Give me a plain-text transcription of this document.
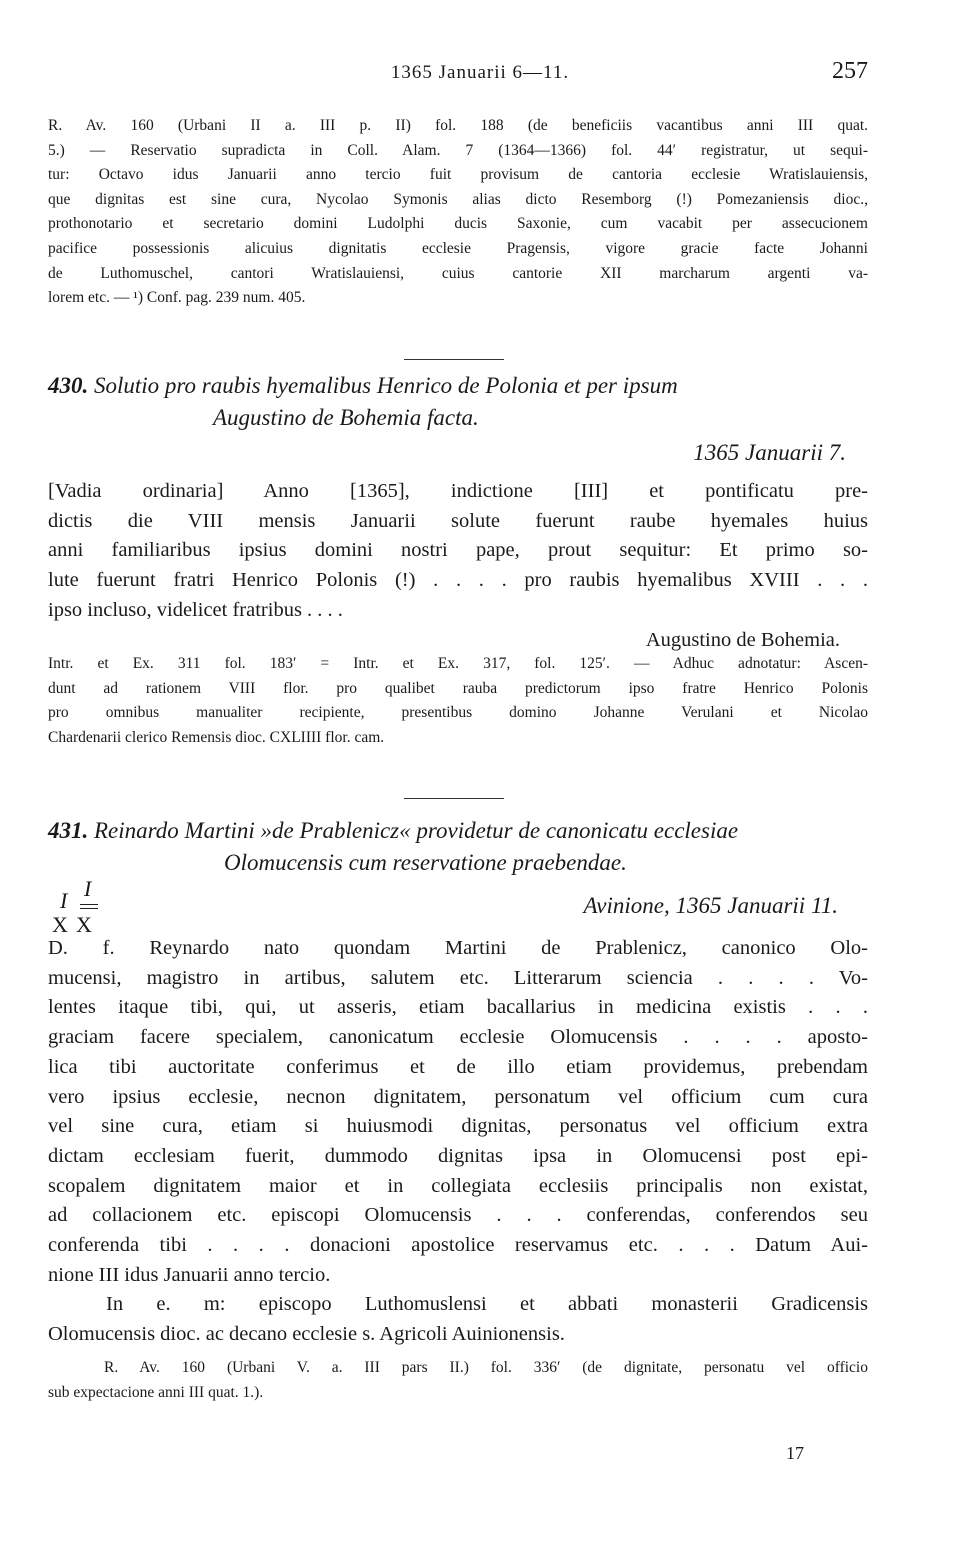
1365 Januarii 6—11.	257
R. Av. 160 (Urbani II a. III p. II) fol. 188 (de beneficiis vacantibus anni III quat.
5.) — Reservatio supradicta in Coll. Alam. 7 (1364—1366) fol. 44′ registratur, ut sequi-
tur: Octavo idus Januarii anno tercio fuit provisum de cantoria ecclesie Wratislauiensis,
que dignitas est sine cura, Nycolao Symonis alias dicto Resemborg (!) Pomezaniensis dioc.,
prothonotario et secretario domini Ludolphi ducis Saxonie, cum vacabit per assecucionem
pacifice possessionis alicuius dignitatis ecclesie Pragensis, vigore gracie facte Johanni
de Luthomuschel, cantori Wratislauiensi, cuius cantorie XII marcharum argenti va-
lorem etc. — ¹) Conf. pag. 239 num. 405.
430. Solutio pro raubis hyemalibus Henrico de Polonia et per ipsum
Augustino de Bohemia facta.
1365 Januarii 7.
[Vadia ordinaria] Anno [1365], indictione [III] et pontificatu pre-
dictis die VIII mensis Januarii solute fuerunt raube hyemales huius
anni familiaribus ipsius domini nostri pape, prout sequitur: Et primo so-
lute fuerunt fratri Henrico Polonis (!) . . . . pro raubis hyemalibus XVIII . . .
ipso incluso, videlicet fratribus . . . .
Augustino de Bohemia.
Intr. et Ex. 311 fol. 183′ = Intr. et Ex. 317, fol. 125′. — Adhuc adnotatur: Ascen-
dunt ad rationem VIII flor. pro qualibet rauba predictorum ipso fratre Henrico Polonis
pro omnibus manualiter recipiente, presentibus domino Johanne Verulani et Nicolao
Chardenarii clerico Remensis dioc. CXLIIII flor. cam.
431. Reinardo Martini »de Prablenicz« providetur de canonicatu ecclesiae
Olomucensis cum reservatione praebendae.
I I
X X
Avinione, 1365 Januarii 11.
D. f. Reynardo nato quondam Martini de Prablenicz, canonico Olo-
mucensi, magistro in artibus, salutem etc. Litterarum sciencia . . . . Vo-
lentes itaque tibi, qui, ut asseris, etiam bacallarius in medicina existis . . .
graciam facere specialem, canonicatum ecclesie Olomucensis . . . . aposto-
lica tibi auctoritate conferimus et de illo etiam providemus, prebendam
vero ipsius ecclesie, necnon dignitatem, personatum vel officium cum cura
vel sine cura, etiam si huiusmodi dignitas, personatus vel officium extra
dictam ecclesiam fuerit, dummodo dignitas ipsa in Olomucensi post epi-
scopalem dignitatem maior et in collegiata ecclesiis principalis non existat,
ad collacionem etc. episcopi Olomucensis . . . conferendas, conferendos seu
conferenda tibi . . . . donacioni apostolice reservamus etc. . . . Datum Aui-
nione III idus Januarii anno tercio.
In e. m: episcopo Luthomuslensi et abbati monasterii Gradicensis
Olomucensis dioc. ac decano ecclesie s. Agricoli Auinionensis.
R. Av. 160 (Urbani V. a. III pars II.) fol. 336′ (de dignitate, personatu vel officio
sub expectacione anni III quat. 1.).
17
